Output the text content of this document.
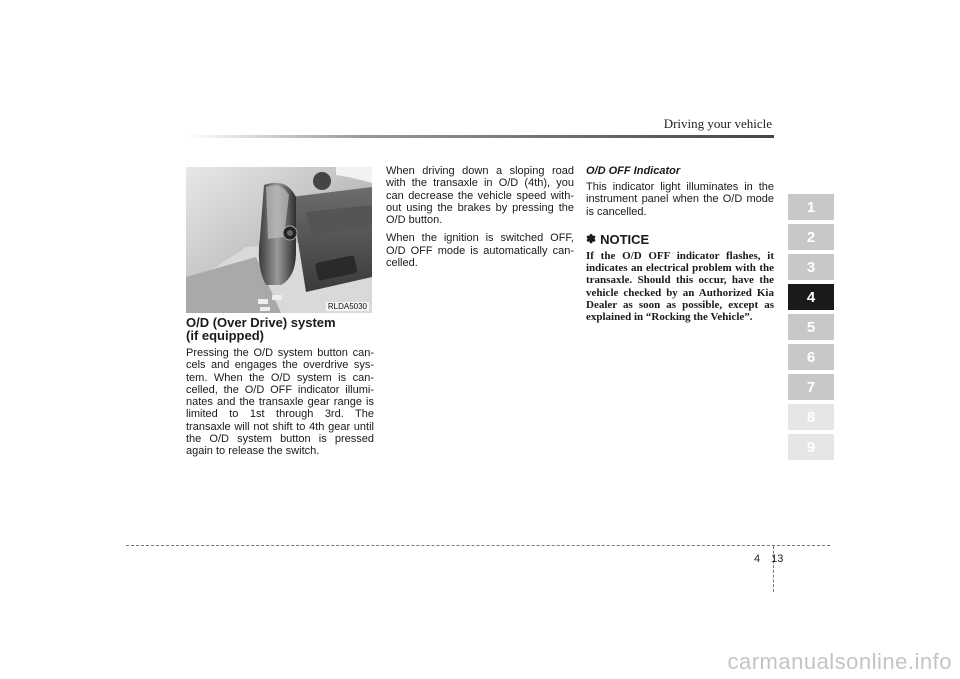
Driving your vehicle
RLDA5030
O/D (Over Drive) system
(if equipped)

Pressing the O/D system button cancels and engages the overdrive system. When the O/D system is cancelled, the O/D OFF indicator illuminates and the transaxle gear range is limited to 1st through 3rd. The transaxle will not shift to 4th gear until the O/D system button is pressed again to release the switch.

When driving down a sloping road with the transaxle in O/D (4th), you can decrease the vehicle speed without using the brakes by pressing the O/D button.

When the ignition is switched OFF, O/D OFF mode is automatically cancelled.

O/D OFF Indicator

This indicator light illuminates in the instrument panel when the O/D mode is cancelled.

✽ NOTICE

If the O/D OFF indicator flashes, it indicates an electrical problem with the transaxle. Should this occur, have the vehicle checked by an Authorized Kia Dealer as soon as possible, except as explained in “Rocking the Vehicle”.

1
2
3
4
5
6
7
8
9
4 13
carmanualsonline.info
